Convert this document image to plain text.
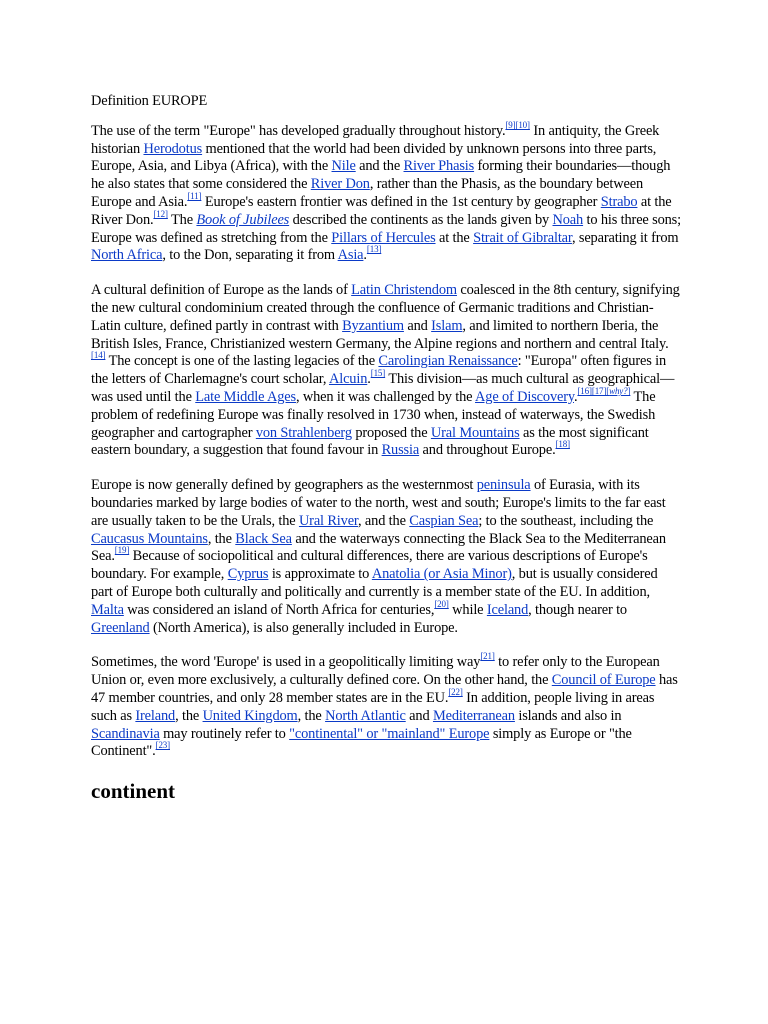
Definition EUROPE

The use of the term "Europe" has developed gradually throughout history.[9][10] In antiquity, the Greek historian Herodotus mentioned that the world had been divided by unknown persons into three parts, Europe, Asia, and Libya (Africa), with the Nile and the River Phasis forming their boundaries—though he also states that some considered the River Don, rather than the Phasis, as the boundary between Europe and Asia.[11] Europe's eastern frontier was defined in the 1st century by geographer Strabo at the River Don.[12] The Book of Jubilees described the continents as the lands given by Noah to his three sons; Europe was defined as stretching from the Pillars of Hercules at the Strait of Gibraltar, separating it from North Africa, to the Don, separating it from Asia.[13]

A cultural definition of Europe as the lands of Latin Christendom coalesced in the 8th century, signifying the new cultural condominium created through the confluence of Germanic traditions and Christian-Latin culture, defined partly in contrast with Byzantium and Islam, and limited to northern Iberia, the British Isles, France, Christianized western Germany, the Alpine regions and northern and central Italy.[14] The concept is one of the lasting legacies of the Carolingian Renaissance: "Europa" often figures in the letters of Charlemagne's court scholar, Alcuin.[15] This division—as much cultural as geographical—was used until the Late Middle Ages, when it was challenged by the Age of Discovery.[16][17][why?] The problem of redefining Europe was finally resolved in 1730 when, instead of waterways, the Swedish geographer and cartographer von Strahlenberg proposed the Ural Mountains as the most significant eastern boundary, a suggestion that found favour in Russia and throughout Europe.[18]

Europe is now generally defined by geographers as the westernmost peninsula of Eurasia, with its boundaries marked by large bodies of water to the north, west and south; Europe's limits to the far east are usually taken to be the Urals, the Ural River, and the Caspian Sea; to the southeast, including the Caucasus Mountains, the Black Sea and the waterways connecting the Black Sea to the Mediterranean Sea.[19] Because of sociopolitical and cultural differences, there are various descriptions of Europe's boundary. For example, Cyprus is approximate to Anatolia (or Asia Minor), but is usually considered part of Europe both culturally and politically and currently is a member state of the EU. In addition, Malta was considered an island of North Africa for centuries,[20] while Iceland, though nearer to Greenland (North America), is also generally included in Europe.

Sometimes, the word 'Europe' is used in a geopolitically limiting way[21] to refer only to the European Union or, even more exclusively, a culturally defined core. On the other hand, the Council of Europe has 47 member countries, and only 28 member states are in the EU.[22] In addition, people living in areas such as Ireland, the United Kingdom, the North Atlantic and Mediterranean islands and also in Scandinavia may routinely refer to "continental" or "mainland" Europe simply as Europe or "the Continent".[23]

continent
